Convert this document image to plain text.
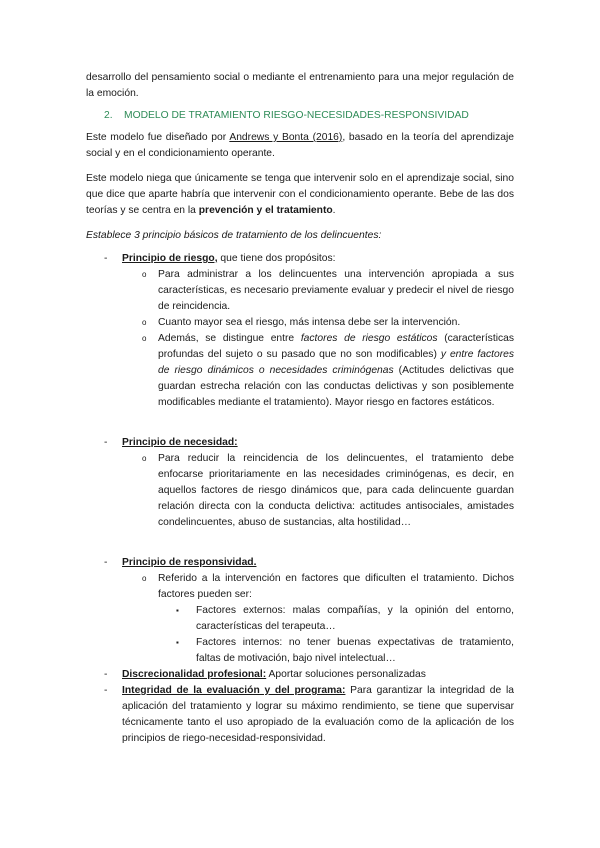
desarrollo del pensamiento social o mediante el entrenamiento para una mejor regulación de la emoción.

2. MODELO DE TRATAMIENTO RIESGO-NECESIDADES-RESPONSIVIDAD

Este modelo fue diseñado por Andrews y Bonta (2016), basado en la teoría del aprendizaje social y en el condicionamiento operante.

Este modelo niega que únicamente se tenga que intervenir solo en el aprendizaje social, sino que dice que aparte habría que intervenir con el condicionamiento operante. Bebe de las dos teorías y se centra en la prevención y el tratamiento.

Establece 3 principio básicos de tratamiento de los delincuentes:

- Principio de riesgo, que tiene dos propósitos:
o Para administrar a los delincuentes una intervención apropiada a sus características, es necesario previamente evaluar y predecir el nivel de riesgo de reincidencia.
o Cuanto mayor sea el riesgo, más intensa debe ser la intervención.
o Además, se distingue entre factores de riesgo estáticos (características profundas del sujeto o su pasado que no son modificables) y entre factores de riesgo dinámicos o necesidades criminógenas (Actitudes delictivas que guardan estrecha relación con las conductas delictivas y son posiblemente modificables mediante el tratamiento). Mayor riesgo en factores estáticos.
- Principio de necesidad:
o Para reducir la reincidencia de los delincuentes, el tratamiento debe enfocarse prioritariamente en las necesidades criminógenas, es decir, en aquellos factores de riesgo dinámicos que, para cada delincuente guardan relación directa con la conducta delictiva: actitudes antisociales, amistades condelincuentes, abuso de sustancias, alta hostilidad…
- Principio de responsividad.
o Referido a la intervención en factores que dificulten el tratamiento. Dichos factores pueden ser:
▪ Factores externos: malas compañías, y la opinión del entorno, características del terapeuta…
▪ Factores internos: no tener buenas expectativas de tratamiento, faltas de motivación, bajo nivel intelectual…
- Discrecionalidad profesional: Aportar soluciones personalizadas
- Integridad de la evaluación y del programa: Para garantizar la integridad de la aplicación del tratamiento y lograr su máximo rendimiento, se tiene que supervisar técnicamente tanto el uso apropiado de la evaluación como de la aplicación de los principios de riego-necesidad-responsividad.
